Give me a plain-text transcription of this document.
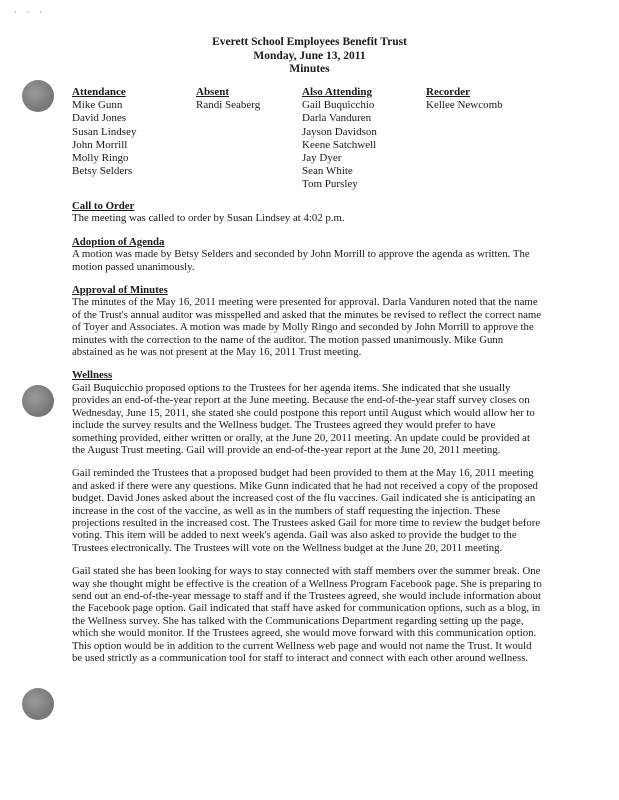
· · ·
Everett School Employees Benefit Trust
Monday, June 13, 2011
Minutes
Attendance
Mike Gunn
David Jones
Susan Lindsey
John Morrill
Molly Ringo
Betsy Selders
Absent
Randi Seaberg
Also Attending
Gail Buquicchio
Darla Vanduren
Jayson Davidson
Keene Satchwell
Jay Dyer
Sean White
Tom Pursley
Recorder
Kellee Newcomb
Call to Order

The meeting was called to order by Susan Lindsey at 4:02 p.m.

Adoption of Agenda

A motion was made by Betsy Selders and seconded by John Morrill to approve the agenda as written. The motion passed unanimously.

Approval of Minutes

The minutes of the May 16, 2011 meeting were presented for approval. Darla Vanduren noted that the name of the Trust's annual auditor was misspelled and asked that the minutes be revised to reflect the correct name of Toyer and Associates. A motion was made by Molly Ringo and seconded by John Morrill to approve the minutes with the correction to the name of the auditor. The motion passed unanimously. Mike Gunn abstained as he was not present at the May 16, 2011 Trust meeting.

Wellness

Gail Buquicchio proposed options to the Trustees for her agenda items. She indicated that she usually provides an end-of-the-year report at the June meeting. Because the end-of-the-year staff survey closes on Wednesday, June 15, 2011, she stated she could postpone this report until August which would allow her to include the survey results and the Wellness budget. The Trustees agreed they would prefer to have something provided, either written or orally, at the June 20, 2011 meeting. An update could be provided at the August Trust meeting. Gail will provide an end-of-the-year report at the June 20, 2011 meeting.

Gail reminded the Trustees that a proposed budget had been provided to them at the May 16, 2011 meeting and asked if there were any questions. Mike Gunn indicated that he had not received a copy of the proposed budget. David Jones asked about the increased cost of the flu vaccines. Gail indicated she is anticipating an increase in the cost of the vaccine, as well as in the numbers of staff requesting the injection. These projections resulted in the increased cost. The Trustees asked Gail for more time to review the budget before voting. This item will be added to next week's agenda. Gail was also asked to provide the budget to the Trustees electronically. The Trustees will vote on the Wellness budget at the June 20, 2011 meeting.

Gail stated she has been looking for ways to stay connected with staff members over the summer break. One way she thought might be effective is the creation of a Wellness Program Facebook page. She is preparing to send out an end-of-the-year message to staff and if the Trustees agreed, she would include information about the Facebook page option. Gail indicated that staff have asked for communication options, such as a blog, in the Wellness survey. She has talked with the Communications Department regarding setting up the page, which she would monitor. If the Trustees agreed, she would move forward with this communication option. This option would be in addition to the current Wellness web page and would not name the Trust. It would be used strictly as a communication tool for staff to interact and connect with each other around wellness.
